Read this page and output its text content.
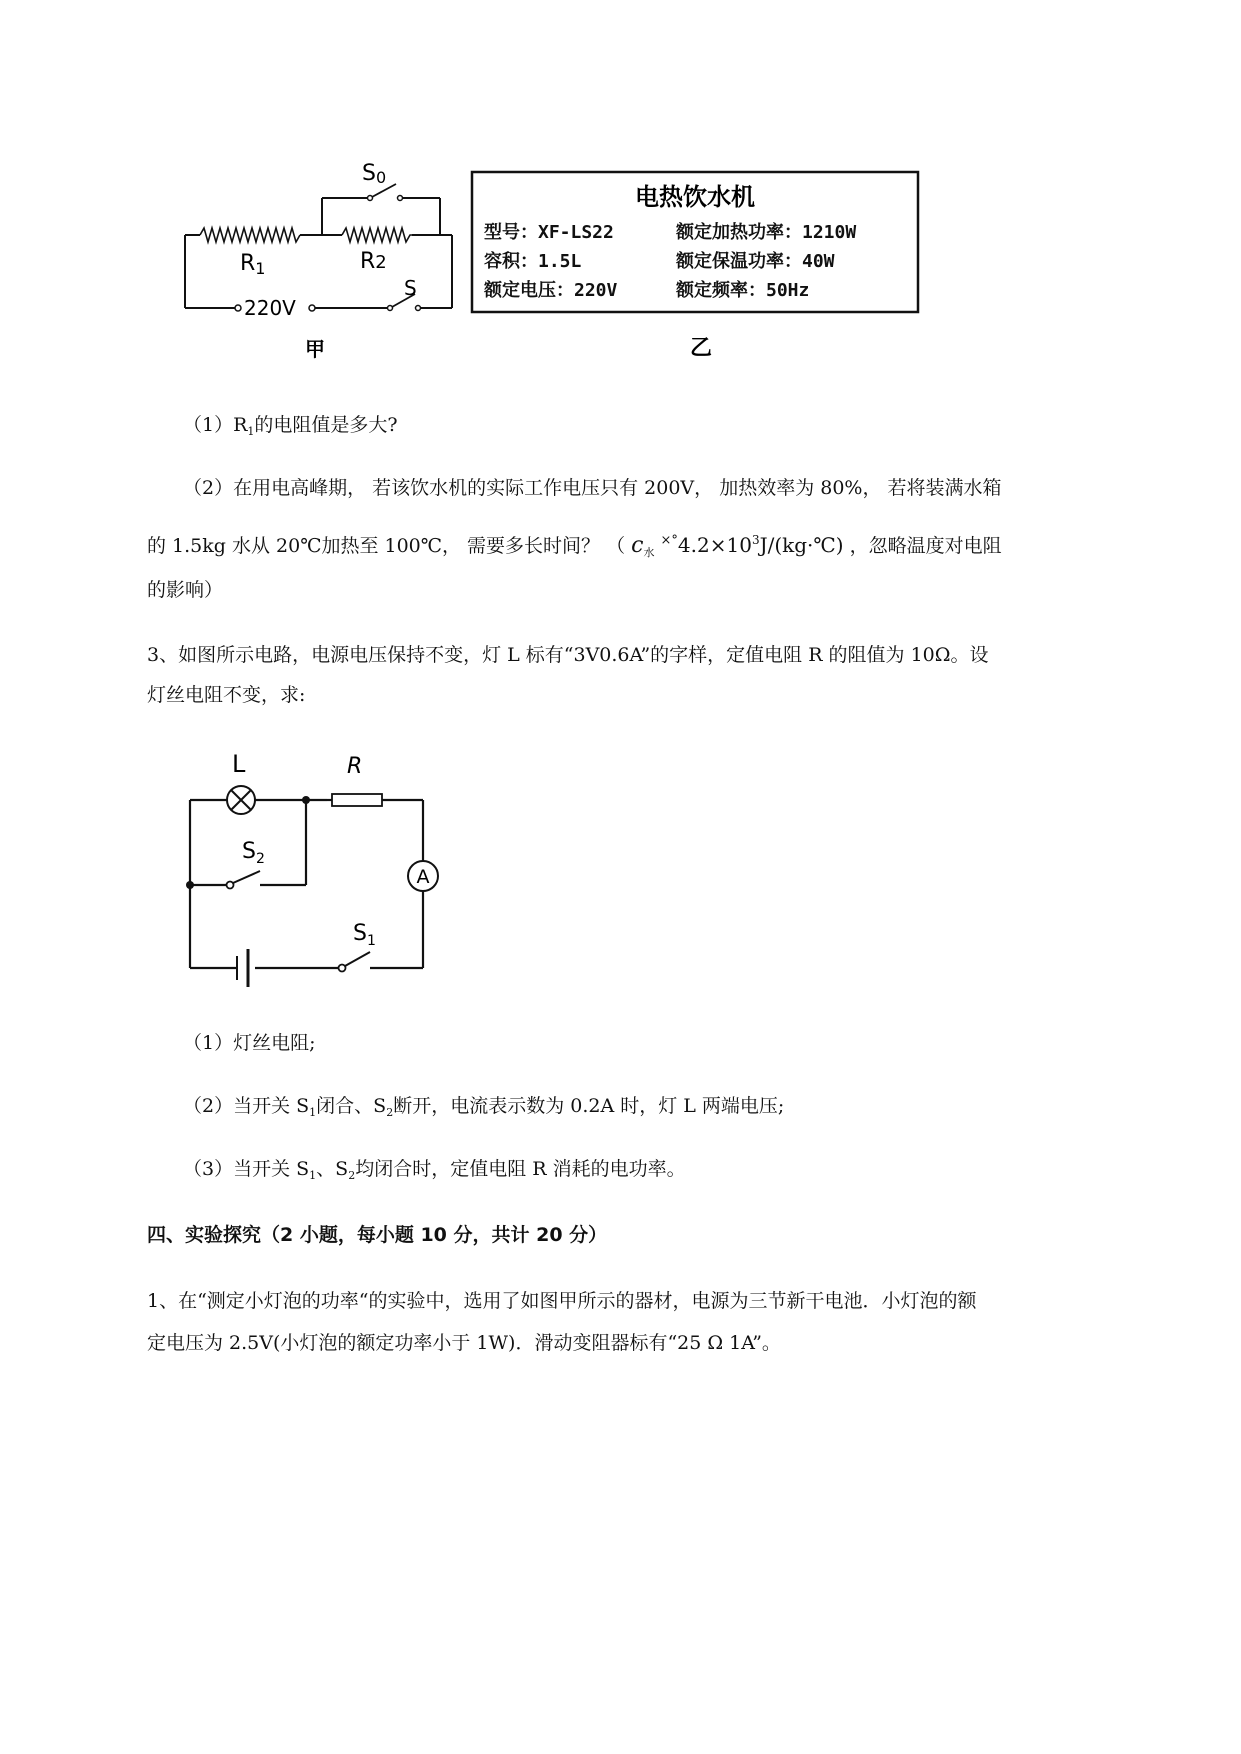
S0
R1	R2
S
220V
甲
电热饮水机
型号：XF-LS22	额定加热功率：1210W
容积：1.5L	额定保温功率：40W
额定电压：220V	额定频率：50Hz
乙
$(1)R_1$的电阻值是多大?
（2）在用电高峰期， 若该饮水机的实际工作电压只有 200V， 加热效率为 80%， 若将装满水箱
的 1.5kg 水从 20℃加热至 100℃， 需要多长时间？ （ $c_水$ $^{\times^\circ}4.2\times 10^3J/(kg\cdot℃)$ ，忽略温度对电阻
的影响）
3、如图所示电路，电源电压保持不变，灯 L 标有“3V0.6A”的字样，定值电阻 R 的阻值为 10Ω。设
灯丝电阻不变，求:
A
L	R
$S_2$
$S_1$
（1）灯丝电阻;
（2）当开关 $S_1$闭合、$S_2$断开，电流表示数为 0.2A 时，灯 L 两端电压;
（3）当开关 $S_1$、$S_2$均闭合时，定值电阻 R 消耗的电功率。
四、实验探究（2 小题，每小题 10 分，共计 20 分）
1、在“测定小灯泡的功率“的实验中，选用了如图甲所示的器材，电源为三节新干电池．小灯泡的额
定电压为 2.5V(小灯泡的额定功率小于 1W)．滑动变阻器标有“25 Ω 1A”。
